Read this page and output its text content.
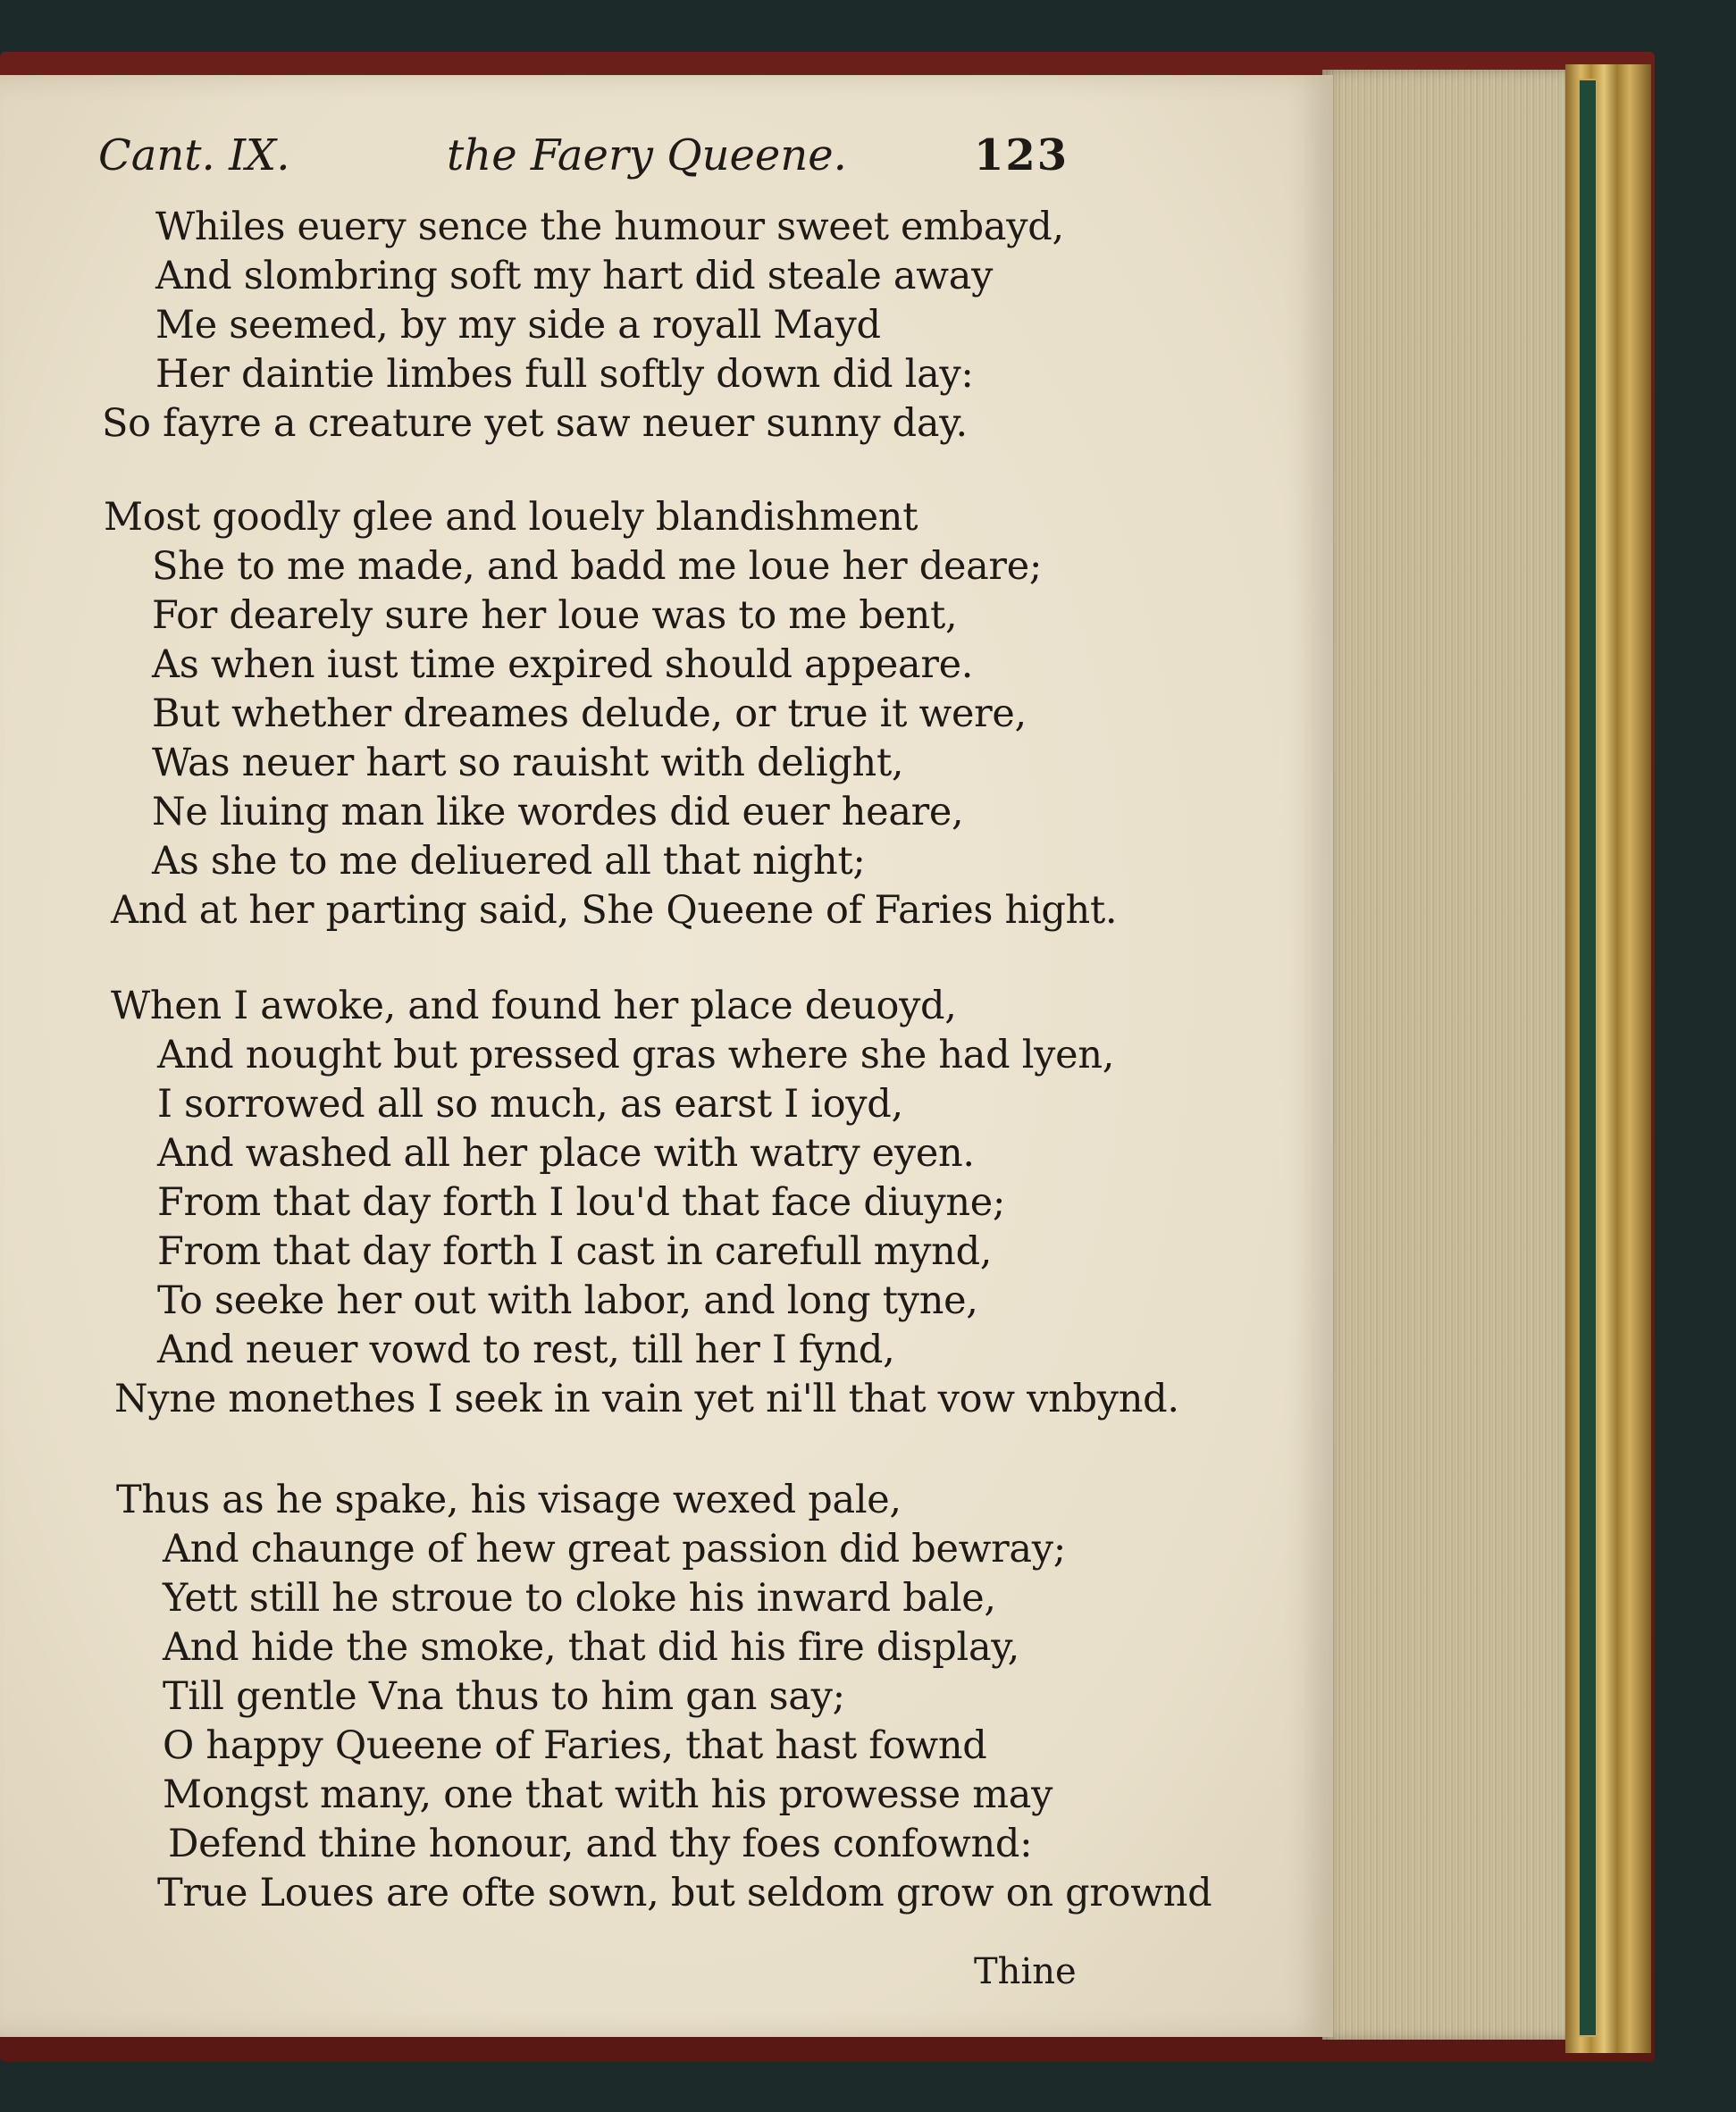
Cant. IX.	the Faery Queene.	123
Whiles euery sence the humour sweet embayd,
And slombring soft my hart did steale away
Me seemed, by my side a royall Mayd
Her daintie limbes full softly down did lay:
So fayre a creature yet saw neuer sunny day.
Most goodly glee and louely blandishment
She to me made, and badd me loue her deare;
For dearely sure her loue was to me bent,
As when iust time expired should appeare.
But whether dreames delude, or true it were,
Was neuer hart so rauisht with delight,
Ne liuing man like wordes did euer heare,
As she to me deliuered all that night;
And at her parting said, She Queene of Faries hight.
When I awoke, and found her place deuoyd,
And nought but pressed gras where she had lyen,
I sorrowed all so much, as earst I ioyd,
And washed all her place with watry eyen.
From that day forth I lou'd that face diuyne;
From that day forth I cast in carefull mynd,
To seeke her out with labor, and long tyne,
And neuer vowd to rest, till her I fynd,
Nyne monethes I seek in vain yet ni'll that vow vnbynd.
Thus as he spake, his visage wexed pale,
And chaunge of hew great passion did bewray;
Yett still he stroue to cloke his inward bale,
And hide the smoke, that did his fire display,
Till gentle Vna thus to him gan say;
O happy Queene of Faries, that hast fownd
Mongst many, one that with his prowesse may
Defend thine honour, and thy foes confownd:
True Loues are ofte sown, but seldom grow on grownd
Thine
